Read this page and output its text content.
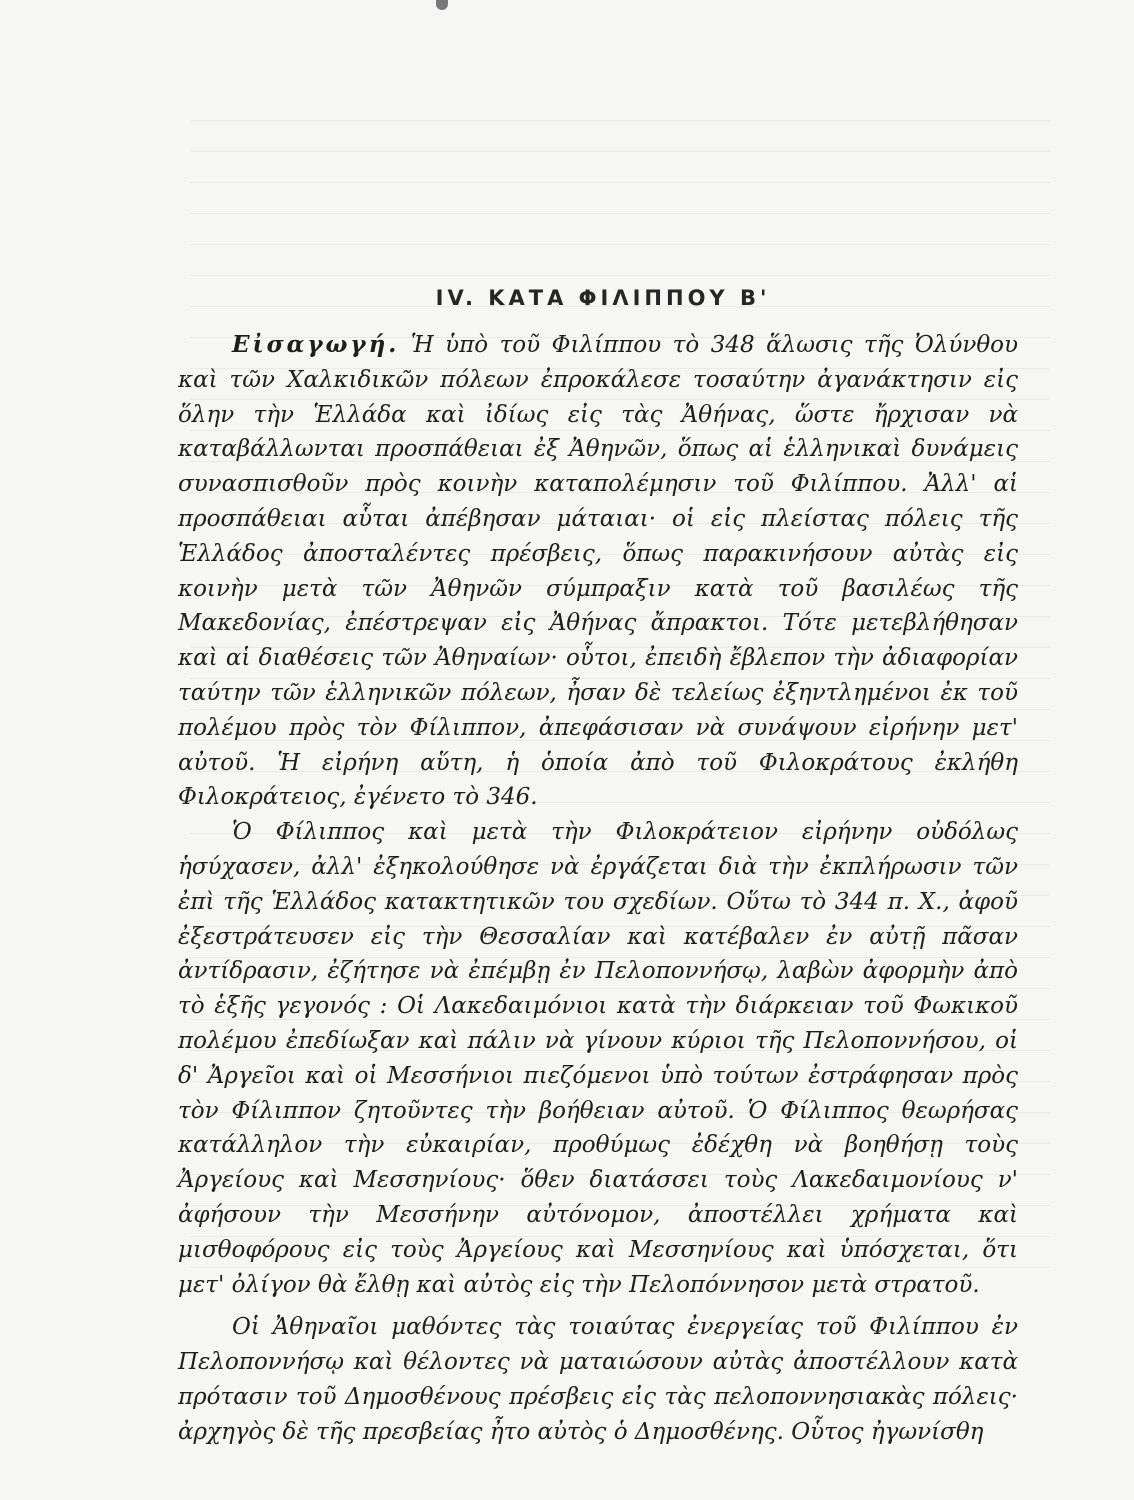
IV. ΚΑΤΑ ΦΙΛΙΠΠΟΥ Β'

Εἰσαγωγή. Ἡ ὑπὸ τοῦ Φιλίππου τὸ 348 ἅλωσις τῆς Ὀλύνθου καὶ τῶν Χαλκιδικῶν πόλεων ἐπροκάλεσε τοσαύτην ἀγανάκτησιν εἰς ὅλην τὴν Ἑλλάδα καὶ ἰδίως εἰς τὰς Ἀθήνας, ὥστε ἤρχισαν νὰ καταβάλλωνται προσπάθειαι ἐξ Ἀθηνῶν, ὅπως αἱ ἑλληνικαὶ δυνάμεις συνασπισθοῦν πρὸς κοινὴν καταπολέμησιν τοῦ Φιλίππου. Ἀλλ' αἱ προσπάθειαι αὗται ἀπέβησαν μάταιαι· οἱ εἰς πλείστας πόλεις τῆς Ἑλλάδος ἀποσταλέντες πρέσβεις, ὅπως παρακινήσουν αὐτὰς εἰς κοινὴν μετὰ τῶν Ἀθηνῶν σύμπραξιν κατὰ τοῦ βασιλέως τῆς Μακεδονίας, ἐπέστρεψαν εἰς Ἀθήνας ἄπρακτοι. Τότε μετεβλήθησαν καὶ αἱ διαθέσεις τῶν Ἀθηναίων· οὗτοι, ἐπειδὴ ἔβλεπον τὴν ἀδιαφορίαν ταύτην τῶν ἑλληνικῶν πόλεων, ἦσαν δὲ τελείως ἐξηντλημένοι ἐκ τοῦ πολέμου πρὸς τὸν Φίλιππον, ἀπεφάσισαν νὰ συνάψουν εἰρήνην μετ' αὐτοῦ. Ἡ εἰρήνη αὕτη, ἡ ὁποία ἀπὸ τοῦ Φιλοκράτους ἐκλήθη Φιλοκράτειος, ἐγένετο τὸ 346.

Ὁ Φίλιππος καὶ μετὰ τὴν Φιλοκράτειον εἰρήνην οὐδόλως ἡσύχασεν, ἀλλ' ἐξηκολούθησε νὰ ἐργάζεται διὰ τὴν ἐκπλήρωσιν τῶν ἐπὶ τῆς Ἑλλάδος κατακτητικῶν του σχεδίων. Οὕτω τὸ 344 π. Χ., ἀφοῦ ἐξεστράτευσεν εἰς τὴν Θεσσαλίαν καὶ κατέβαλεν ἐν αὐτῇ πᾶσαν ἀντίδρασιν, ἐζήτησε νὰ ἐπέμβῃ ἐν Πελοποννήσῳ, λαβὼν ἀφορμὴν ἀπὸ τὸ ἑξῆς γεγονός : Οἱ Λακεδαιμόνιοι κατὰ τὴν διάρκειαν τοῦ Φωκικοῦ πολέμου ἐπεδίωξαν καὶ πάλιν νὰ γίνουν κύριοι τῆς Πελοποννήσου, οἱ δ' Ἀργεῖοι καὶ οἱ Μεσσήνιοι πιεζόμενοι ὑπὸ τούτων ἐστράφησαν πρὸς τὸν Φίλιππον ζητοῦντες τὴν βοήθειαν αὐτοῦ. Ὁ Φίλιππος θεωρήσας κατάλληλον τὴν εὐκαιρίαν, προθύμως ἐδέχθη νὰ βοηθήσῃ τοὺς Ἀργείους καὶ Μεσσηνίους· ὅθεν διατάσσει τοὺς Λακεδαιμονίους ν' ἀφήσουν τὴν Μεσσήνην αὐτόνομον, ἀποστέλλει χρήματα καὶ μισθοφόρους εἰς τοὺς Ἀργείους καὶ Μεσσηνίους καὶ ὑπόσχεται, ὅτι μετ' ὀλίγον θὰ ἔλθῃ καὶ αὐτὸς εἰς τὴν Πελοπόννησον μετὰ στρατοῦ.

Οἱ Ἀθηναῖοι μαθόντες τὰς τοιαύτας ἐνεργείας τοῦ Φιλίππου ἐν Πελοποννήσῳ καὶ θέλοντες νὰ ματαιώσουν αὐτὰς ἀποστέλλουν κατὰ πρότασιν τοῦ Δημοσθένους πρέσβεις εἰς τὰς πελοποννησιακὰς πόλεις· ἀρχηγὸς δὲ τῆς πρεσβείας ἦτο αὐτὸς ὁ Δημοσθένης. Οὗτος ἠγωνίσθη
